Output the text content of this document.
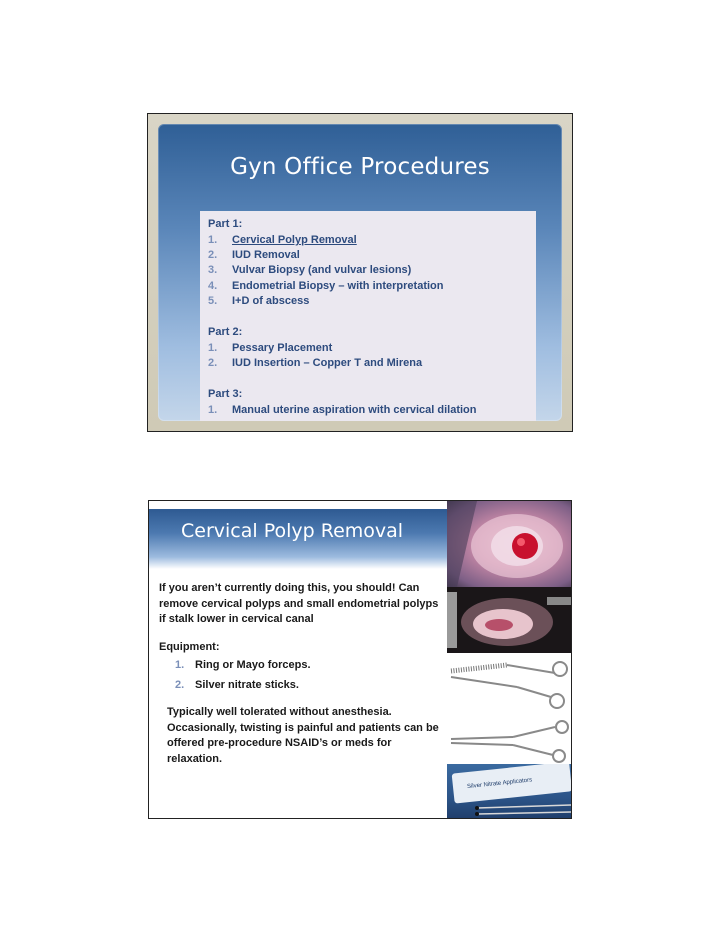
Gyn Office Procedures
Part 1:
1.	Cervical Polyp Removal
2.	IUD Removal
3.	Vulvar Biopsy (and vulvar lesions)
4.	Endometrial Biopsy – with interpretation
5.	I+D of abscess
Part 2:
1.	Pessary Placement
2.	IUD Insertion – Copper T and Mirena
Part 3:
1.	Manual uterine aspiration with cervical dilation
Cervical Polyp Removal
If you aren’t currently doing this, you should! Can remove cervical polyps and small endometrial polyps if stalk lower in cervical canal
Equipment:
1. Ring or Mayo forceps.
2. Silver nitrate sticks.
Typically well tolerated without anesthesia. Occasionally, twisting is painful and patients can be offered pre-procedure NSAID’s or meds for relaxation.
Silver Nitrate Applicators
